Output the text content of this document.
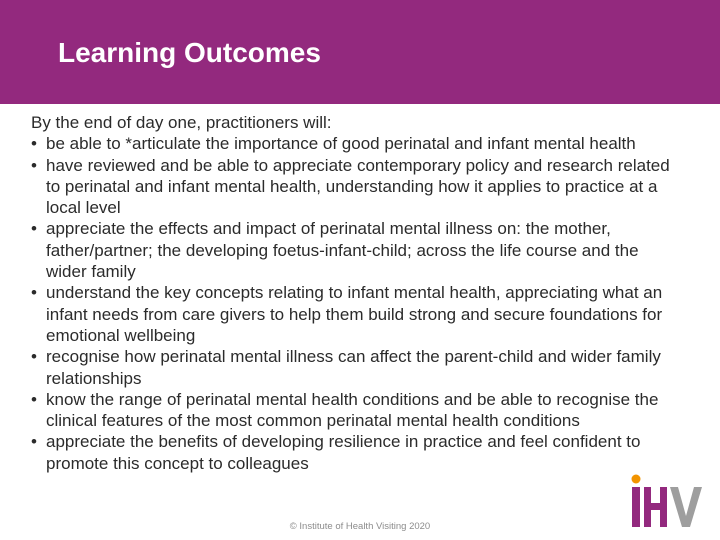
Learning Outcomes

By the end of day one, practitioners will:

• be able to *articulate the importance of good perinatal and infant mental health
• have reviewed and be able to appreciate contemporary policy and research related to perinatal and infant mental health, understanding how it applies to practice at a local level
• appreciate the effects and impact of perinatal mental illness on: the mother, father/partner; the developing foetus-infant-child; across the life course and the wider family
• understand the key concepts relating to infant mental health, appreciating what an infant needs from care givers to help them build strong and secure foundations for emotional wellbeing
• recognise how perinatal mental illness can affect the parent-child and wider family relationships
• know the range of perinatal mental health conditions and be able to recognise the clinical features of the most common perinatal mental health conditions
• appreciate the benefits of developing resilience in practice and feel confident to promote this concept to colleagues
© Institute of Health Visiting 2020
